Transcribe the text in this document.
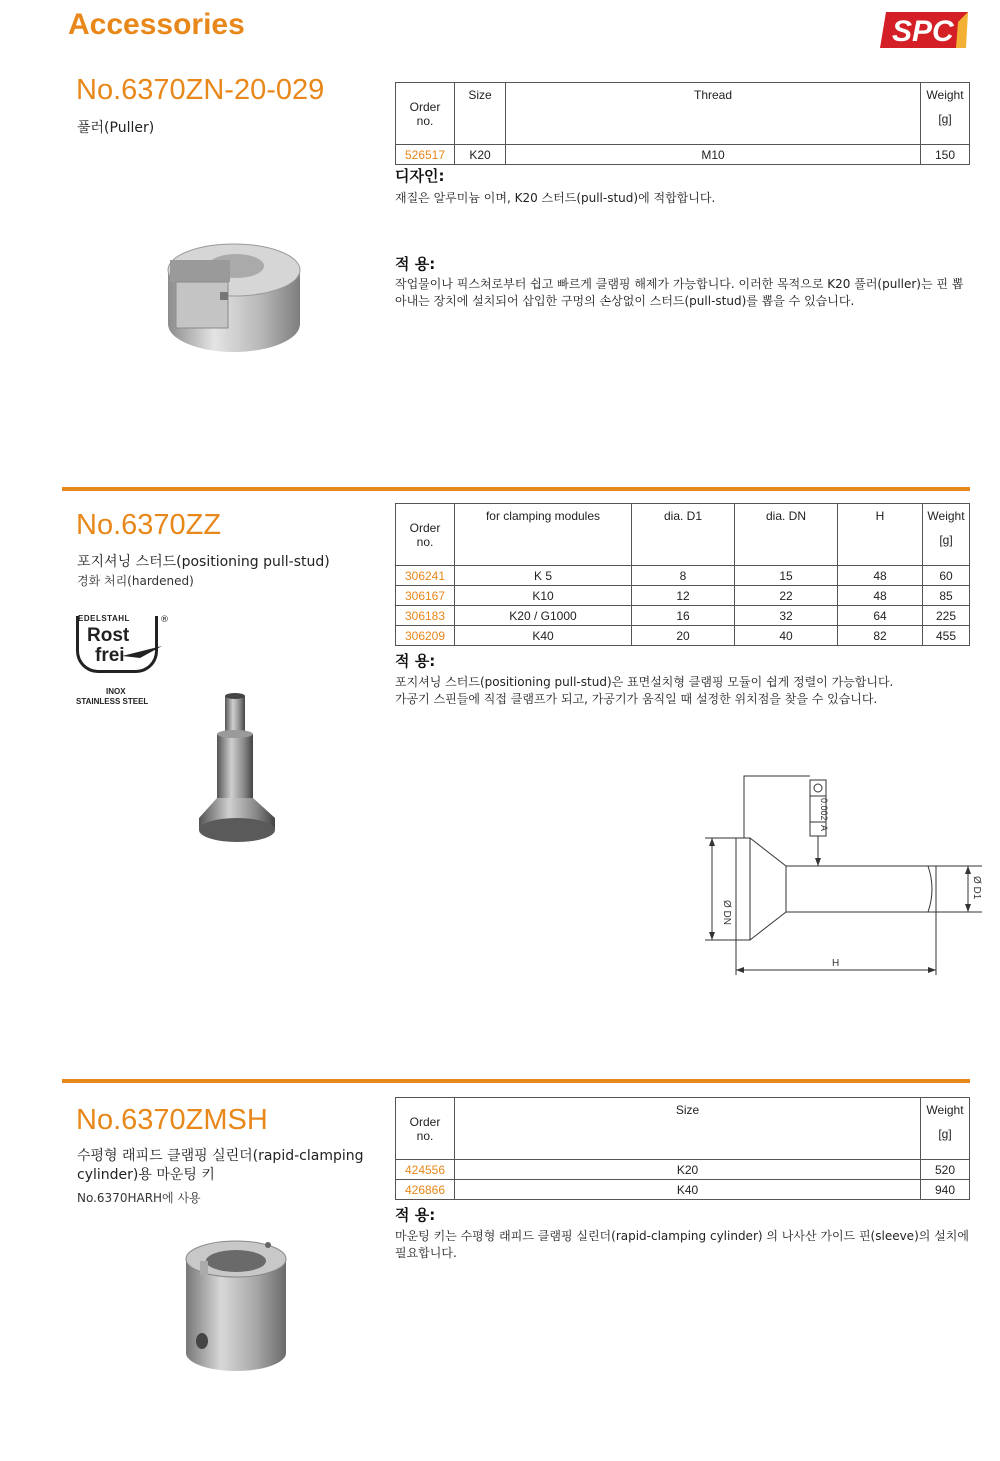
Accessories	SPC
No.6370ZN-20-029
풀러(Puller)
Order no.	Size	Thread	Weight
[g]

526517	K20	M10	150
디자인:
재질은 알루미늄 이며, K20 스터드(pull-stud)에 적합합니다.
적 용:
작업물이나 픽스쳐로부터 쉽고 빠르게 클램핑 해제가 가능합니다. 이러한 목적으로 K20 풀러(puller)는 핀 뽑아내는 장치에 설치되어 삽입한 구멍의 손상없이 스터드(pull-stud)를 뽑을 수 있습니다.
No.6370ZZ
포지셔닝 스터드(positioning pull-stud)
경화 처리(hardened)
EDELSTAHL	®
Rost
frei
INOX
STAINLESS STEEL
Order no.	for clamping modules	dia. D1	dia. DN	H	Weight
[g]

306241	K 5	8	15	48	60
306167	K10	12	22	48	85
306183	K20 / G1000	16	32	64	225
306209	K40	20	40	82	455
적 용:
포지셔닝 스터드(positioning pull-stud)은 표면설치형 클램핑 모듈이 쉽게 정렬이 가능합니다.
가공기 스핀들에 직접 클램프가 되고, 가공기가 움직일 때 설정한 위치점을 찾을 수 있습니다.
0.002
A
Ø DN
Ø D1
H
No.6370ZMSH
수평형 래피드 클램핑 실린더(rapid-clamping cylinder)용 마운팅 키
No.6370HARH에 사용
Order no.	Size	Weight
[g]

424556	K20	520
426866	K40	940
적 용:
마운팅 키는 수평형 래피드 클램핑 실린더(rapid-clamping cylinder) 의 나사산 가이드 핀(sleeve)의 설치에 필요합니다.
